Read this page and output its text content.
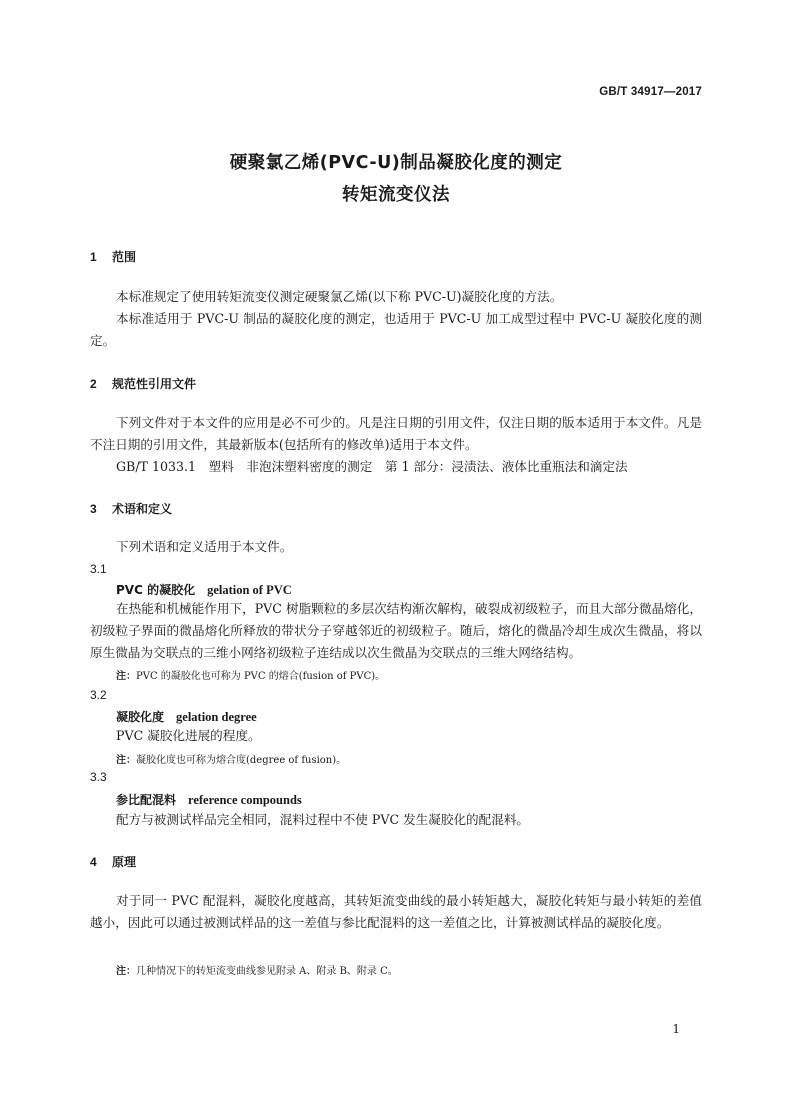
GB/T 34917—2017
硬聚氯乙烯(PVC-U)制品凝胶化度的测定
转矩流变仪法
1 范围
本标准规定了使用转矩流变仪测定硬聚氯乙烯(以下称 PVC-U)凝胶化度的方法。
本标准适用于 PVC-U 制品的凝胶化度的测定，也适用于 PVC-U 加工成型过程中 PVC-U 凝胶化度的测定。
2 规范性引用文件
下列文件对于本文件的应用是必不可少的。凡是注日期的引用文件，仅注日期的版本适用于本文件。凡是不注日期的引用文件，其最新版本(包括所有的修改单)适用于本文件。
GB/T 1033.1　塑料　非泡沫塑料密度的测定　第 1 部分：浸渍法、液体比重瓶法和滴定法
3 术语和定义
下列术语和定义适用于本文件。
3.1
PVC 的凝胶化 gelation of PVC
在热能和机械能作用下，PVC 树脂颗粒的多层次结构渐次解构，破裂成初级粒子，而且大部分微晶熔化，初级粒子界面的微晶熔化所释放的带状分子穿越邻近的初级粒子。随后，熔化的微晶冷却生成次生微晶，将以原生微晶为交联点的三维小网络初级粒子连结成以次生微晶为交联点的三维大网络结构。
注：PVC 的凝胶化也可称为 PVC 的熔合(fusion of PVC)。
3.2
凝胶化度 gelation degree
PVC 凝胶化进展的程度。
注：凝胶化度也可称为熔合度(degree of fusion)。
3.3
参比配混料 reference compounds
配方与被测试样品完全相同，混料过程中不使 PVC 发生凝胶化的配混料。
4 原理
对于同一 PVC 配混料，凝胶化度越高，其转矩流变曲线的最小转矩越大，凝胶化转矩与最小转矩的差值越小，因此可以通过被测试样品的这一差值与参比配混料的这一差值之比，计算被测试样品的凝胶化度。
注：几种情况下的转矩流变曲线参见附录 A、附录 B、附录 C。
1
